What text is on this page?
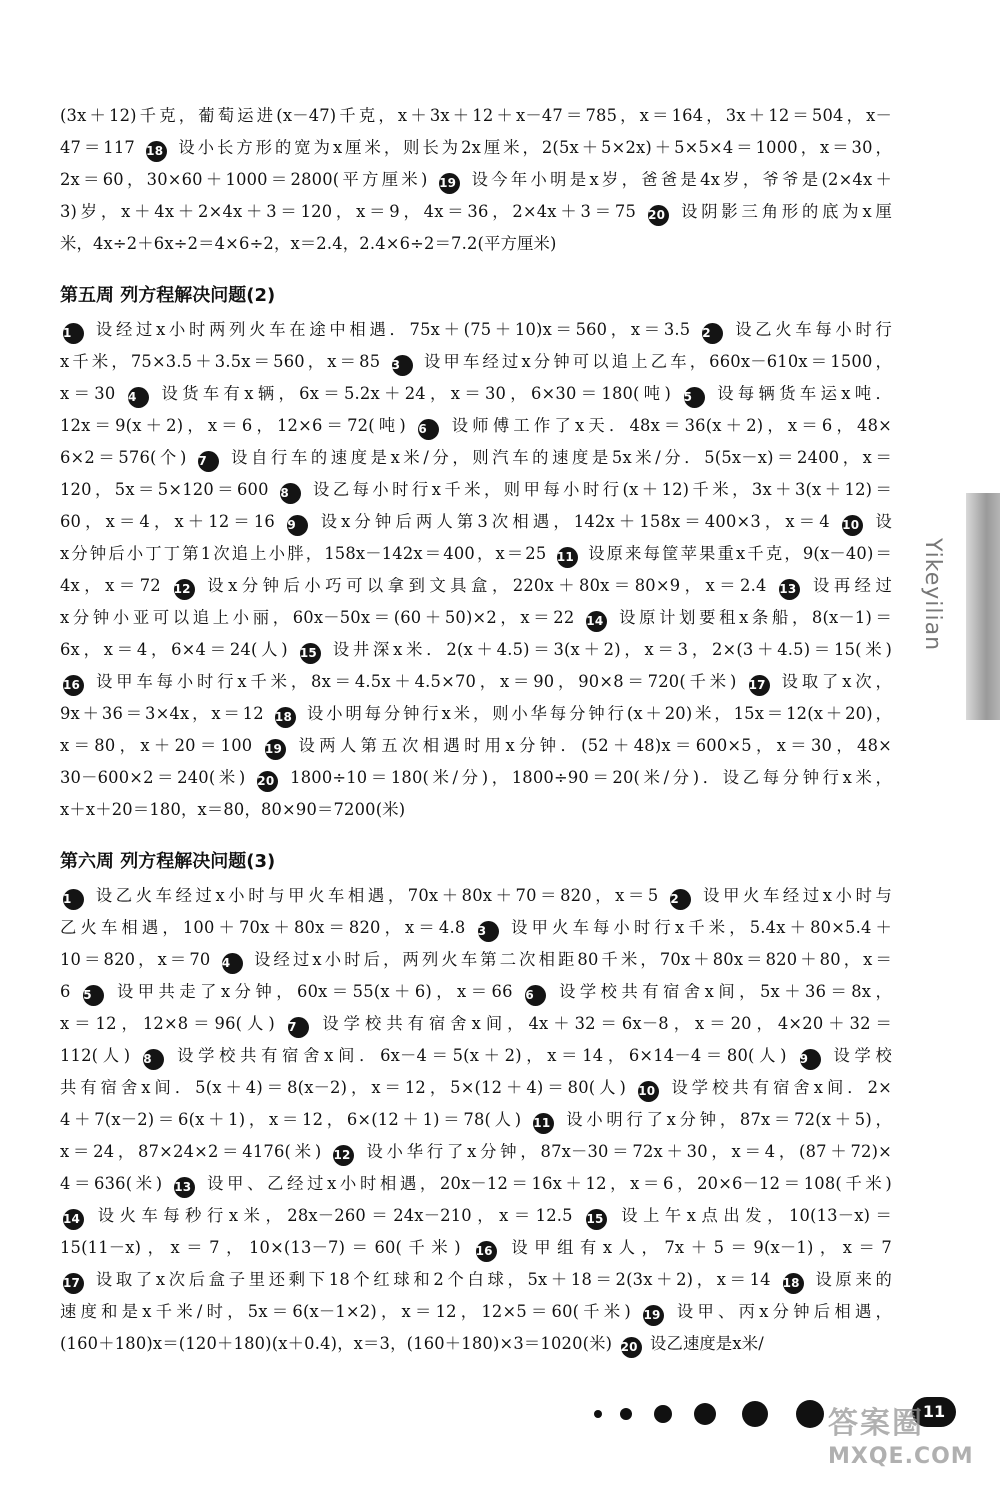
(3x＋12)千克，葡萄运进(x－47)千克，x＋3x＋12＋x－47＝785，x＝164，3x＋12＝504，x－
47＝117 18 设小长方形的宽为x厘米，则长为2x厘米，2(5x＋5×2x)＋5×5×4＝1000，x＝30，
2x＝60，30×60＋1000＝2800(平方厘米) 19 设今年小明是x岁，爸爸是4x岁，爷爷是(2×4x＋
3)岁，x＋4x＋2×4x＋3＝120，x＝9，4x＝36，2×4x＋3＝75 20 设阴影三角形的底为x厘
米，4x÷2＋6x÷2＝4×6÷2，x＝2.4，2.4×6÷2＝7.2(平方厘米)
第五周 列方程解决问题(2)
1 设经过x小时两列火车在途中相遇．75x＋(75＋10)x＝560，x＝3.5 2 设乙火车每小时行
x千米，75×3.5＋3.5x＝560，x＝85 3 设甲车经过x分钟可以追上乙车，660x－610x＝1500，
x＝30 4 设货车有x辆，6x＝5.2x＋24，x＝30，6×30＝180(吨) 5 设每辆货车运x吨．
12x＝9(x＋2)，x＝6，12×6＝72(吨) 6 设师傅工作了x天．48x＝36(x＋2)，x＝6，48×
6×2＝576(个) 7 设自行车的速度是x米/分，则汽车的速度是5x米/分．5(5x－x)＝2400，x＝
120，5x＝5×120＝600 8 设乙每小时行x千米，则甲每小时行(x＋12)千米，3x＋3(x＋12)＝
60，x＝4，x＋12＝16 9 设x分钟后两人第3次相遇，142x＋158x＝400×3，x＝4 10 设
x分钟后小丁丁第1次追上小胖，158x－142x＝400，x＝25 11 设原来每筐苹果重x千克，9(x－40)＝
4x，x＝72 12 设x分钟后小巧可以拿到文具盒，220x＋80x＝80×9，x＝2.4 13 设再经过
x分钟小亚可以追上小丽，60x－50x＝(60＋50)×2，x＝22 14 设原计划要租x条船，8(x－1)＝
6x，x＝4，6×4＝24(人) 15 设井深x米．2(x＋4.5)＝3(x＋2)，x＝3，2×(3＋4.5)＝15(米)
16 设甲车每小时行x千米，8x＝4.5x＋4.5×70，x＝90，90×8＝720(千米) 17 设取了x次，
9x＋36＝3×4x，x＝12 18 设小明每分钟行x米，则小华每分钟行(x＋20)米，15x＝12(x＋20)，
x＝80，x＋20＝100 19 设两人第五次相遇时用x分钟．(52＋48)x＝600×5，x＝30，48×
30－600×2＝240(米) 20 1800÷10＝180(米/分)，1800÷90＝20(米/分)．设乙每分钟行x米，
x＋x＋20＝180，x＝80，80×90＝7200(米)
第六周 列方程解决问题(3)
1 设乙火车经过x小时与甲火车相遇，70x＋80x＋70＝820，x＝5 2 设甲火车经过x小时与
乙火车相遇，100＋70x＋80x＝820，x＝4.8 3 设甲火车每小时行x千米，5.4x＋80×5.4＋
10＝820，x＝70 4 设经过x小时后，两列火车第二次相距80千米，70x＋80x＝820＋80，x＝
6 5 设甲共走了x分钟，60x＝55(x＋6)，x＝66 6 设学校共有宿舍x间，5x＋36＝8x，
x＝12，12×8＝96(人) 7 设学校共有宿舍x间，4x＋32＝6x－8，x＝20，4×20＋32＝
112(人) 8 设学校共有宿舍x间．6x－4＝5(x＋2)，x＝14，6×14－4＝80(人) 9 设学校
共有宿舍x间．5(x＋4)＝8(x－2)，x＝12，5×(12＋4)＝80(人) 10 设学校共有宿舍x间．2×
4＋7(x－2)＝6(x＋1)，x＝12，6×(12＋1)＝78(人) 11 设小明行了x分钟，87x＝72(x＋5)，
x＝24，87×24×2＝4176(米) 12 设小华行了x分钟，87x－30＝72x＋30，x＝4，(87＋72)×
4＝636(米) 13 设甲、乙经过x小时相遇，20x－12＝16x＋12，x＝6，20×6－12＝108(千米)
14 设火车每秒行x米，28x－260＝24x－210，x＝12.5 15 设上午x点出发，10(13－x)＝
15(11－x)，x＝7，10×(13－7)＝60(千米) 16 设甲组有x人，7x＋5＝9(x－1)，x＝7
17 设取了x次后盒子里还剩下18个红球和2个白球，5x＋18＝2(3x＋2)，x＝14 18 设原来的
速度和是x千米/时，5x＝6(x－1×2)，x＝12，12×5＝60(千米) 19 设甲、丙x分钟后相遇，
(160＋180)x＝(120＋180)(x＋0.4)，x＝3，(160＋180)×3＝1020(米) 20 设乙速度是x米/
Yikeyilian
11
答案圈
MXQE.COM
